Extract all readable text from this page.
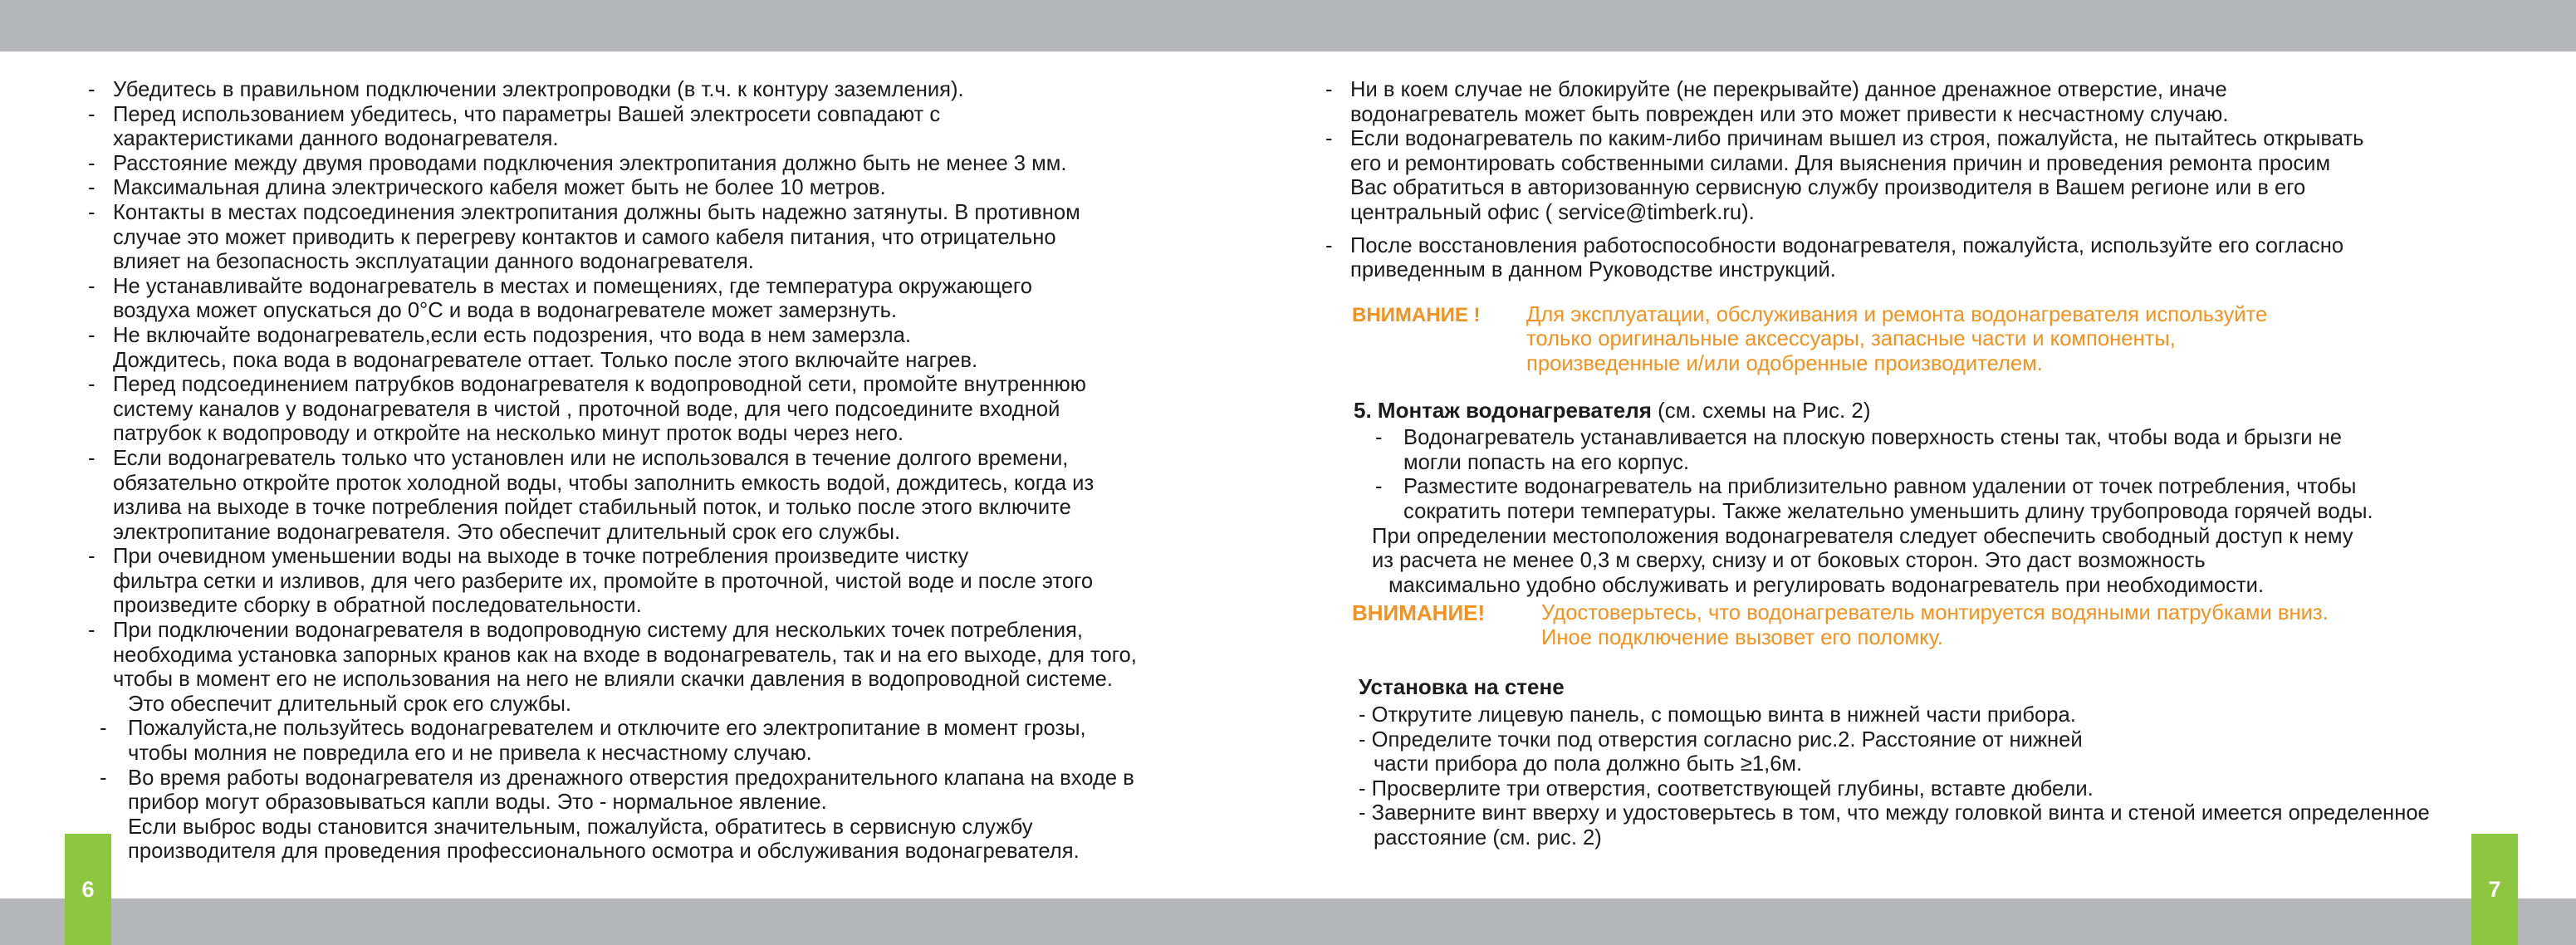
6	7
- Убедитесь в правильном подключении электропроводки (в т.ч. к контуру заземления).
- Перед использованием убедитесь, что параметры Вашей электросети совпадают с
характеристиками данного водонагревателя.
- Расстояние между двумя проводами подключения электропитания должно быть не менее 3 мм.
- Максимальная длина электрического кабеля может быть не более 10 метров.
- Контакты в местах подсоединения электропитания должны быть надежно затянуты. В противном
случае это может приводить к перегреву контактов и самого кабеля питания, что отрицательно
влияет на безопасность эксплуатации данного водонагревателя.
- Не устанавливайте водонагреватель в местах и помещениях, где температура окружающего
воздуха может опускаться до 0°С и вода в водонагревателе может замерзнуть.
- Не включайте водонагреватель,если есть подозрения, что вода в нем замерзла.
Дождитесь, пока вода в водонагревателе оттает. Только после этого включайте нагрев.
- Перед подсоединением патрубков водонагревателя к водопроводной сети, промойте внутреннюю
систему каналов у водонагревателя в чистой , проточной воде, для чего подсоедините входной
патрубок к водопроводу и откройте на несколько минут проток воды через него.
- Если водонагреватель только что установлен или не использовался в течение долгого времени,
обязательно откройте проток холодной воды, чтобы заполнить емкость водой, дождитесь, когда из
излива на выходе в точке потребления пойдет стабильный поток, и только после этого включите
электропитание водонагревателя. Это обеспечит длительный срок его службы.
- При очевидном уменьшении воды на выходе в точке потребления произведите чистку
фильтра сетки и изливов, для чего разберите их, промойте в проточной, чистой воде и после этого
произведите сборку в обратной последовательности.
- При подключении водонагревателя в водопроводную систему для нескольких точек потребления,
необходима установка запорных кранов как на входе в водонагреватель, так и на его выходе, для того,
чтобы в момент его не использования на него не влияли скачки давления в водопроводной системе.
Это обеспечит длительный срок его службы.
- Пожалуйста,не пользуйтесь водонагревателем и отключите его электропитание в момент грозы,
чтобы молния не повредила его и не привела к несчастному случаю.
- Во время работы водонагревателя из дренажного отверстия предохранительного клапана на входе в
прибор могут образовываться капли воды. Это - нормальное явление.
Если выброс воды становится значительным, пожалуйста, обратитесь в сервисную службу
производителя для проведения профессионального осмотра и обслуживания водонагревателя.
- Ни в коем случае не блокируйте (не перекрывайте) данное дренажное отверстие, иначе
водонагреватель может быть поврежден или это может привести к несчастному случаю.
- Если водонагреватель по каким-либо причинам вышел из строя, пожалуйста, не пытайтесь открывать
его и ремонтировать собственными силами. Для выяснения причин и проведения ремонта просим
Вас обратиться в авторизованную сервисную службу производителя в Вашем регионе или в его
центральный офис ( service@timberk.ru).
- После восстановления работоспособности водонагревателя, пожалуйста, используйте его согласно
приведенным в данном Руководстве инструкций.
ВНИМАНИЕ ! Для эксплуатации, обслуживания и ремонта водонагревателя используйте
только оригинальные аксессуары, запасные части и компоненты,
произведенные и/или одобренные производителем.
5. Монтаж водонагревателя (см. схемы на Рис. 2)
- Водонагреватель устанавливается на плоскую поверхность стены так, чтобы вода и брызги не
могли попасть на его корпус.
- Разместите водонагреватель на приблизительно равном удалении от точек потребления, чтобы
сократить потери температуры. Также желательно уменьшить длину трубопровода горячей воды.
При определении местоположения водонагревателя следует обеспечить свободный доступ к нему
из расчета не менее 0,3 м сверху, снизу и от боковых сторон. Это даст возможность
максимально удобно обслуживать и регулировать водонагреватель при необходимости.
ВНИМАНИЕ!	Удостоверьтесь, что водонагреватель монтируется водяными патрубками вниз.
Иное подключение вызовет его поломку.
Установка на стене
- Открутите лицевую панель, с помощью винта в нижней части прибора.
- Определите точки под отверстия согласно рис.2. Расстояние от нижней
части прибора до пола должно быть ≥1,6м.
- Просверлите три отверстия, соответствующей глубины, вставте дюбели.
- Заверните винт вверху и удостоверьтесь в том, что между головкой винта и стеной имеется определенное
расстояние (см. рис. 2)
